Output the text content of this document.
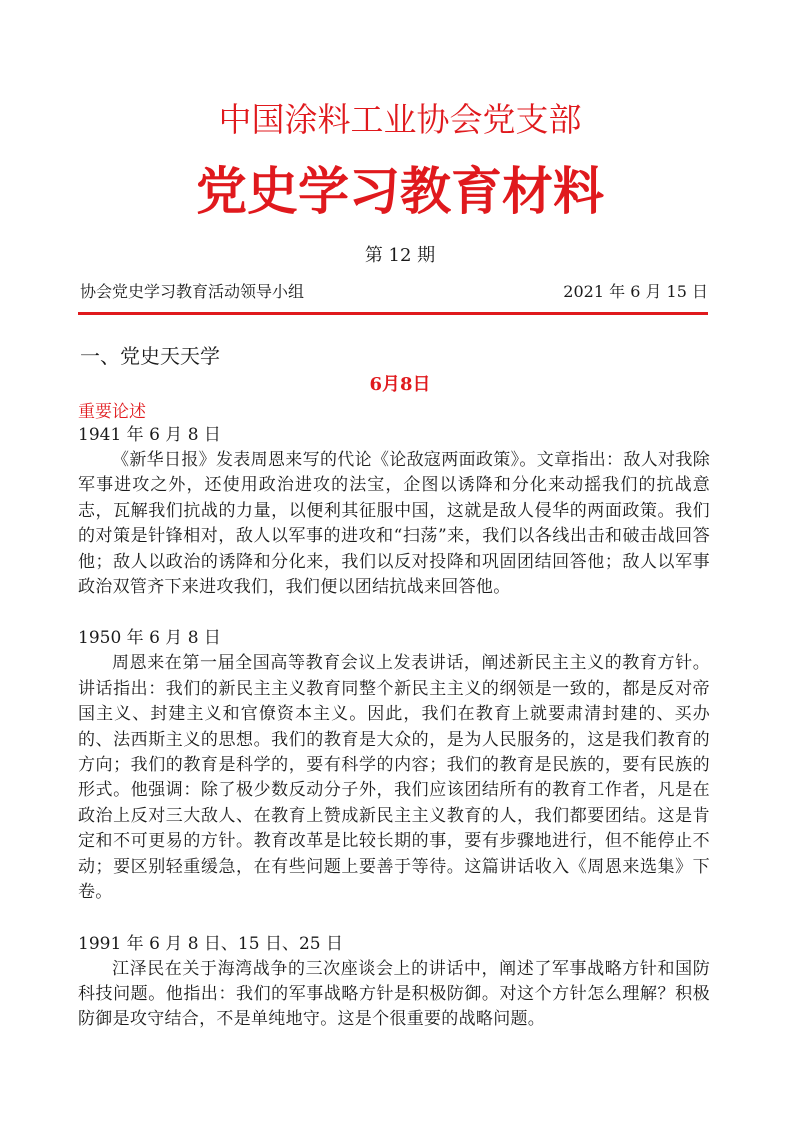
中国涂料工业协会党支部
党史学习教育材料
第 12 期
协会党史学习教育活动领导小组	2021 年 6 月 15 日
一、党史天天学
6月8日
重要论述

1941 年 6 月 8 日

《新华日报》发表周恩来写的代论《论敌寇两面政策》。文章指出：敌人对我除军事进攻之外，还使用政治进攻的法宝，企图以诱降和分化来动摇我们的抗战意志，瓦解我们抗战的力量，以便利其征服中国，这就是敌人侵华的两面政策。我们的对策是针锋相对，敌人以军事的进攻和“扫荡”来，我们以各线出击和破击战回答他；敌人以政治的诱降和分化来，我们以反对投降和巩固团结回答他；敌人以军事政治双管齐下来进攻我们，我们便以团结抗战来回答他。

1950 年 6 月 8 日

周恩来在第一届全国高等教育会议上发表讲话，阐述新民主主义的教育方针。讲话指出：我们的新民主主义教育同整个新民主主义的纲领是一致的，都是反对帝国主义、封建主义和官僚资本主义。因此，我们在教育上就要肃清封建的、买办的、法西斯主义的思想。我们的教育是大众的，是为人民服务的，这是我们教育的方向；我们的教育是科学的，要有科学的内容；我们的教育是民族的，要有民族的形式。他强调：除了极少数反动分子外，我们应该团结所有的教育工作者，凡是在政治上反对三大敌人、在教育上赞成新民主主义教育的人，我们都要团结。这是肯定和不可更易的方针。教育改革是比较长期的事，要有步骤地进行，但不能停止不动；要区别轻重缓急，在有些问题上要善于等待。这篇讲话收入《周恩来选集》下卷。

1991 年 6 月 8 日、15 日、25 日

江泽民在关于海湾战争的三次座谈会上的讲话中，阐述了军事战略方针和国防科技问题。他指出：我们的军事战略方针是积极防御。对这个方针怎么理解？积极防御是攻守结合，不是单纯地守。这是个很重要的战略问题。
